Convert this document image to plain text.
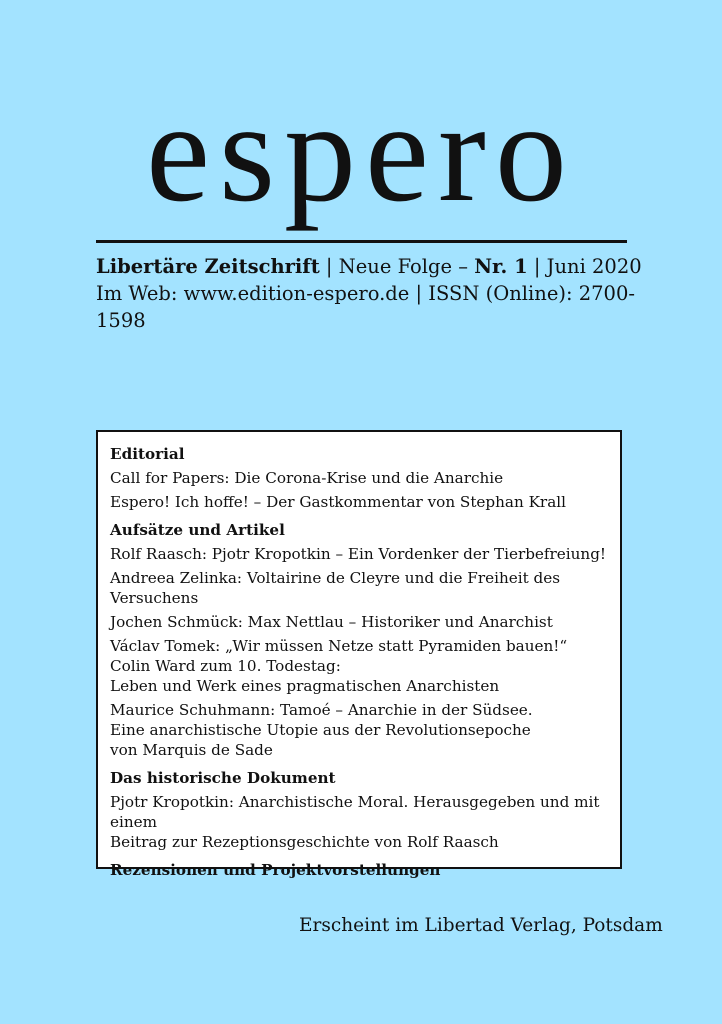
espero
Libertäre Zeitschrift | Neue Folge – Nr. 1 | Juni 2020
Im Web: www.edition-espero.de | ISSN (Online): 2700-1598
Editorial
Call for Papers: Die Corona-Krise und die Anarchie
Espero! Ich hoffe! – Der Gastkommentar von Stephan Krall
Aufsätze und Artikel
Rolf Raasch: Pjotr Kropotkin – Ein Vordenker der Tierbefreiung!
Andreea Zelinka: Voltairine de Cleyre und die Freiheit des Versuchens
Jochen Schmück: Max Nettlau – Historiker und Anarchist
Václav Tomek: „Wir müssen Netze statt Pyramiden bauen!“
Colin Ward zum 10. Todestag:
Leben und Werk eines pragmatischen Anarchisten
Maurice Schuhmann: Tamoé – Anarchie in der Südsee.
Eine anarchistische Utopie aus der Revolutionsepoche
von Marquis de Sade
Das historische Dokument
Pjotr Kropotkin: Anarchistische Moral. Herausgegeben und mit einem
Beitrag zur Rezeptionsgeschichte von Rolf Raasch
Rezensionen und Projektvorstellungen
Erscheint im Libertad Verlag, Potsdam
